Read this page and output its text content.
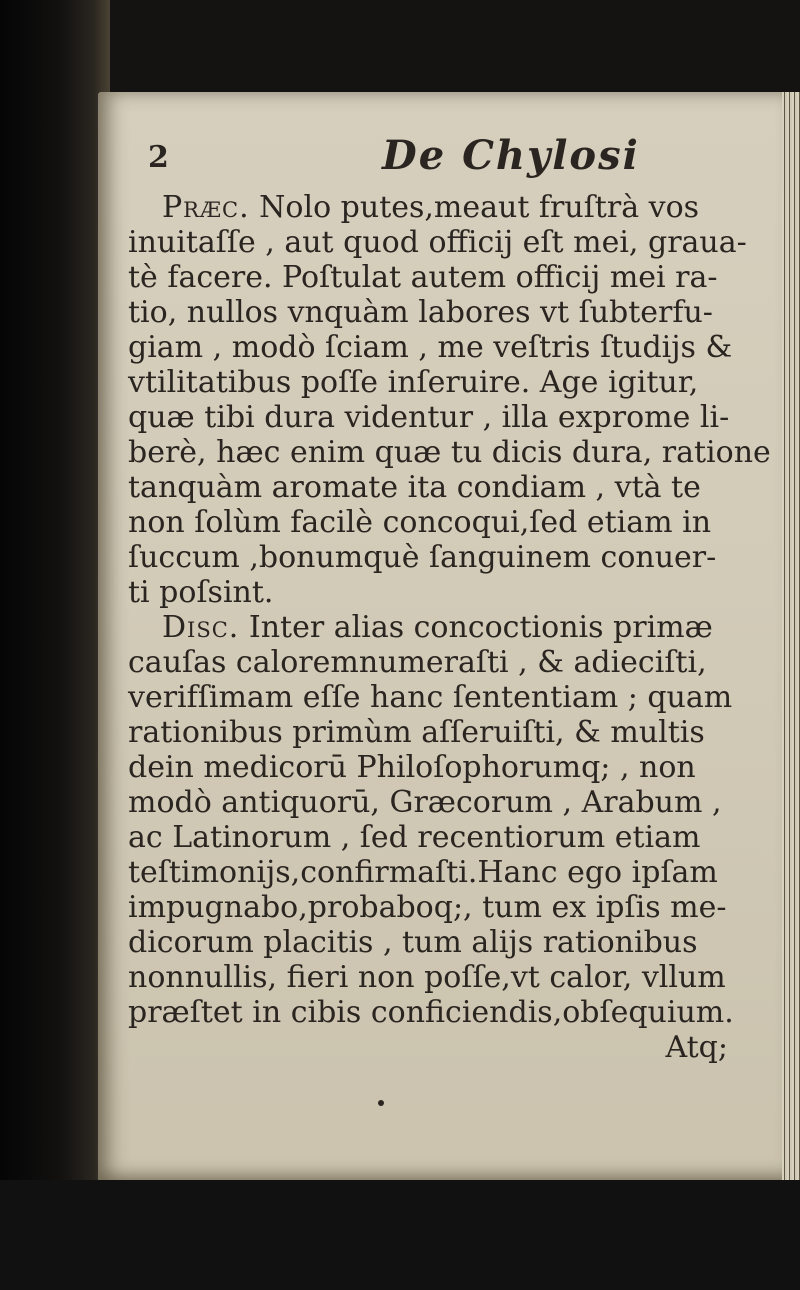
2	De Chylosi
Præc. Nolo putes,meaut fruſtrà vos
inuitaſſe , aut quod officij eſt mei, graua-
tè facere. Poſtulat autem officij mei ra-
tio, nullos vnquàm labores vt ſubterfu-
giam , modò ſciam , me veſtris ſtudijs &
vtilitatibus poſſe inſeruire. Age igitur,
quæ tibi dura videntur , illa exprome li-
berè, hæc enim quæ tu dicis dura, ratione
tanquàm aromate ita condiam , vtà te
non ſolùm facilè concoqui,ſed etiam in
ſuccum ,bonumquè ſanguinem conuer-
ti poſsint.
Disc. Inter alias concoctionis primæ
cauſas caloremnumeraſti , & adieciſti,
verifſimam eſſe hanc ſententiam ; quam
rationibus primùm aſſeruiſti, & multis
dein medicorū Philoſophorumq; , non
modò antiquorū, Græcorum , Arabum ,
ac Latinorum , ſed recentiorum etiam
teſtimonijs,confirmaſti.Hanc ego ipſam
impugnabo,probaboq;, tum ex ipſis me-
dicorum placitis , tum alijs rationibus
nonnullis, fieri non poſſe,vt calor, vllum
præſtet in cibis conficiendis,obſequium.
Atq;
